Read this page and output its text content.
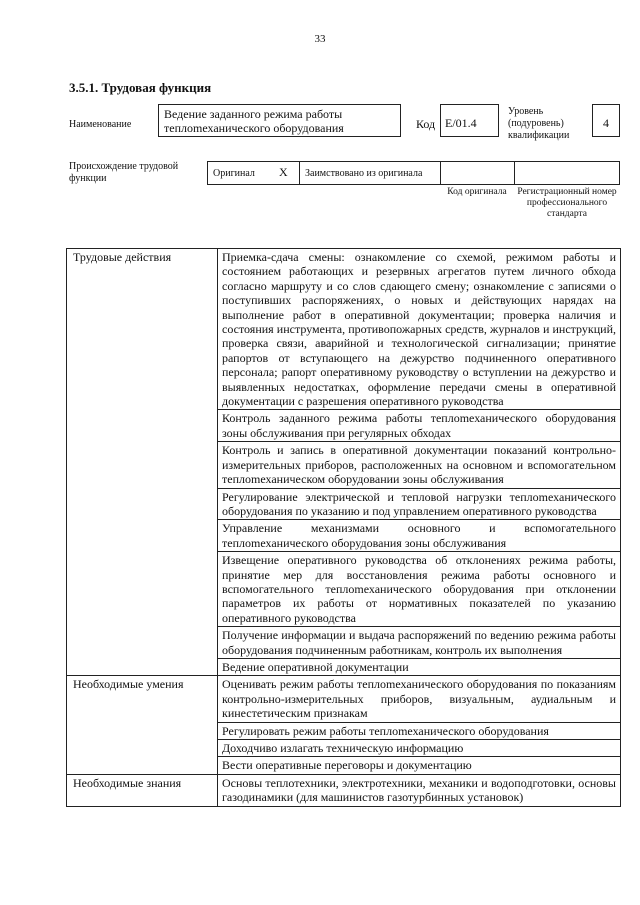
33
3.5.1. Трудовая функция
Наименование
Ведение заданного режима работы теплomеханического оборудования	Код E/01.4
Уровень (подуровень) квалификации
4
Происхождение трудовой функции	Оригинал X Заимствовано из оригинала
Код оригинала	Регистрационный номер профессионального стандарта
Трудовые действия	Приемка-сдача смены: ознакомление со схемой, режимом работы и состоянием работающих и резервных агрегатов путем личного обхода согласно маршруту и со слов сдающего смену; ознакомление с записями о поступивших распоряжениях, о новых и действующих нарядах на выполнение работ в оперативной документации; проверка наличия и состояния инструмента, противопожарных средств, журналов и инструкций, проверка связи, аварийной и технологической сигнализации; принятие рапортов от вступающего на дежурство подчиненного оперативного персонала; рапорт оперативному руководству о вступлении на дежурство и выявленных недостатках, оформление передачи смены в оперативной документации с разрешения оперативного руководства
	Контроль заданного режима работы теплomеханического оборудования зоны обслуживания при регулярных обходах
	Контроль и запись в оперативной документации показаний контрольно-измерительных приборов, расположенных на основном и вспомогательном теплomеханическом оборудовании зоны обслуживания
	Регулирование электрической и тепловой нагрузки теплomеханического оборудования по указанию и под управлением оперативного руководства
	Управление механизмами основного и вспомогательного теплomеханического оборудования зоны обслуживания
	Извещение оперативного руководства об отклонениях режима работы, принятие мер для восстановления режима работы основного и вспомогательного теплomеханического оборудования при отклонении параметров их работы от нормативных показателей по указанию оперативного руководства
	Получение информации и выдача распоряжений по ведению режима работы оборудования подчиненным работникам, контроль их выполнения
	Ведение оперативной документации
Необходимые умения	Оценивать режим работы теплomеханического оборудования по показаниям контрольно-измерительных приборов, визуальным, аудиальным и кинестетическим признакам
	Регулировать режим работы теплomеханического оборудования
	Доходчиво излагать техническую информацию
	Вести оперативные переговоры и документацию
Необходимые знания	Основы теплотехники, электротехники, механики и водоподготовки, основы газодинамики (для машинистов газотурбинных установок)
